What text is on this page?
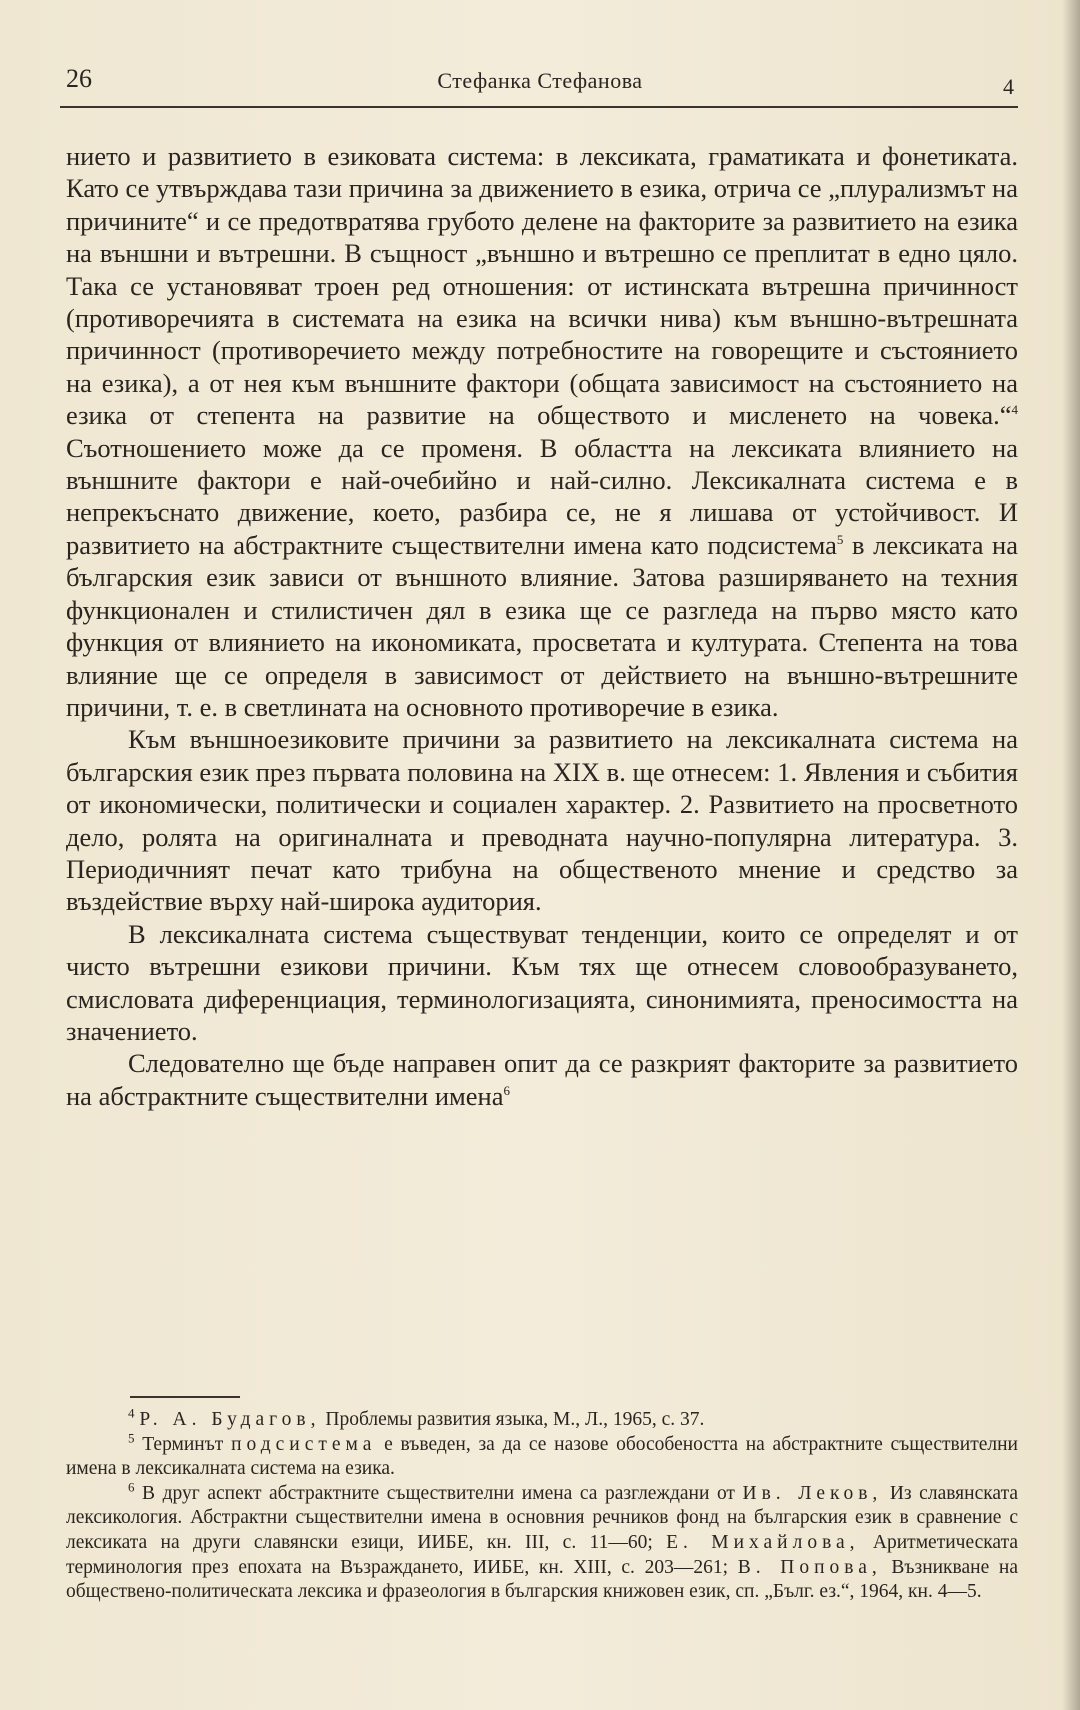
26	Стефанка Стефанова	4

нието и развитието в езиковата система: в лексиката, граматиката и фонетиката. Като се утвърждава тази причина за движението в езика, отрича се „плурализмът на причините“ и се предотвратява грубото делене на факторите за развитието на езика на външни и вътрешни. В същност „външно и вътрешно се преплитат в едно цяло. Така се установяват троен ред отношения: от истинската вътрешна причинност (противоречията в системата на езика на всички нива) към външно-вътрешната причинност (противоречието между потребностите на говорещите и състоянието на езика), а от нея към външните фактори (общата зависимост на състоянието на езика от степента на развитие на обществото и мисленето на човека.“$^4$ Съотношението може да се променя. В областта на лексиката влиянието на външните фактори е най-очебийно и най-силно. Лексикалната система е в непрекъснато движение, което, разбира се, не я лишава от устойчивост. И развитието на абстрактните съществителни имена като подсистема$^5$ в лексиката на българския език зависи от външното влияние. Затова разширяването на техния функционален и стилистичен дял в езика ще се разгледа на първо място като функция от влиянието на икономиката, просветата и културата. Степента на това влияние ще се определя в зависимост от действието на външно-вътрешните причини, т. е. в светлината на основното противоречие в езика.

Към външноезиковите причини за развитието на лексикалната система на българския език през първата половина на XIX в. ще отнесем: 1. Явления и събития от икономически, политически и социален характер. 2. Развитието на просветното дело, ролята на оригиналната и преводната научно-популярна литература. 3. Периодичният печат като трибуна на общественото мнение и средство за въздействие върху най-широка аудитория.

В лексикалната система съществуват тенденции, които се определят и от чисто вътрешни езикови причини. Към тях ще отнесем словообразуването, смисловата диференциация, терминологизацията, синонимията, преносимостта на значението.

Следователно ще бъде направен опит да се разкрият факторите за развитието на абстрактните съществителни имена$^6$

$^4$ Р. А. Будагов, Проблемы развития языка, М., Л., 1965, с. 37.

$^5$ Терминът подсистема е въведен, за да се назове обособеността на абстрактните съществителни имена в лексикалната система на езика.

$^6$ В друг аспект абстрактните съществителни имена са разглеждани от Ив. Леков, Из славянската лексикология. Абстрактни съществителни имена в основния речников фонд на българския език в сравнение с лексиката на други славянски езици, ИИБЕ, кн. III, с. 11—60; Е. Михайлова, Аритметическата терминология през епохата на Възраждането, ИИБЕ, кн. XIII, с. 203—261; В. Попова, Възникване на обществено-политическата лексика и фразеология в българския книжовен език, сп. „Бълг. ез.“, 1964, кн. 4—5.
